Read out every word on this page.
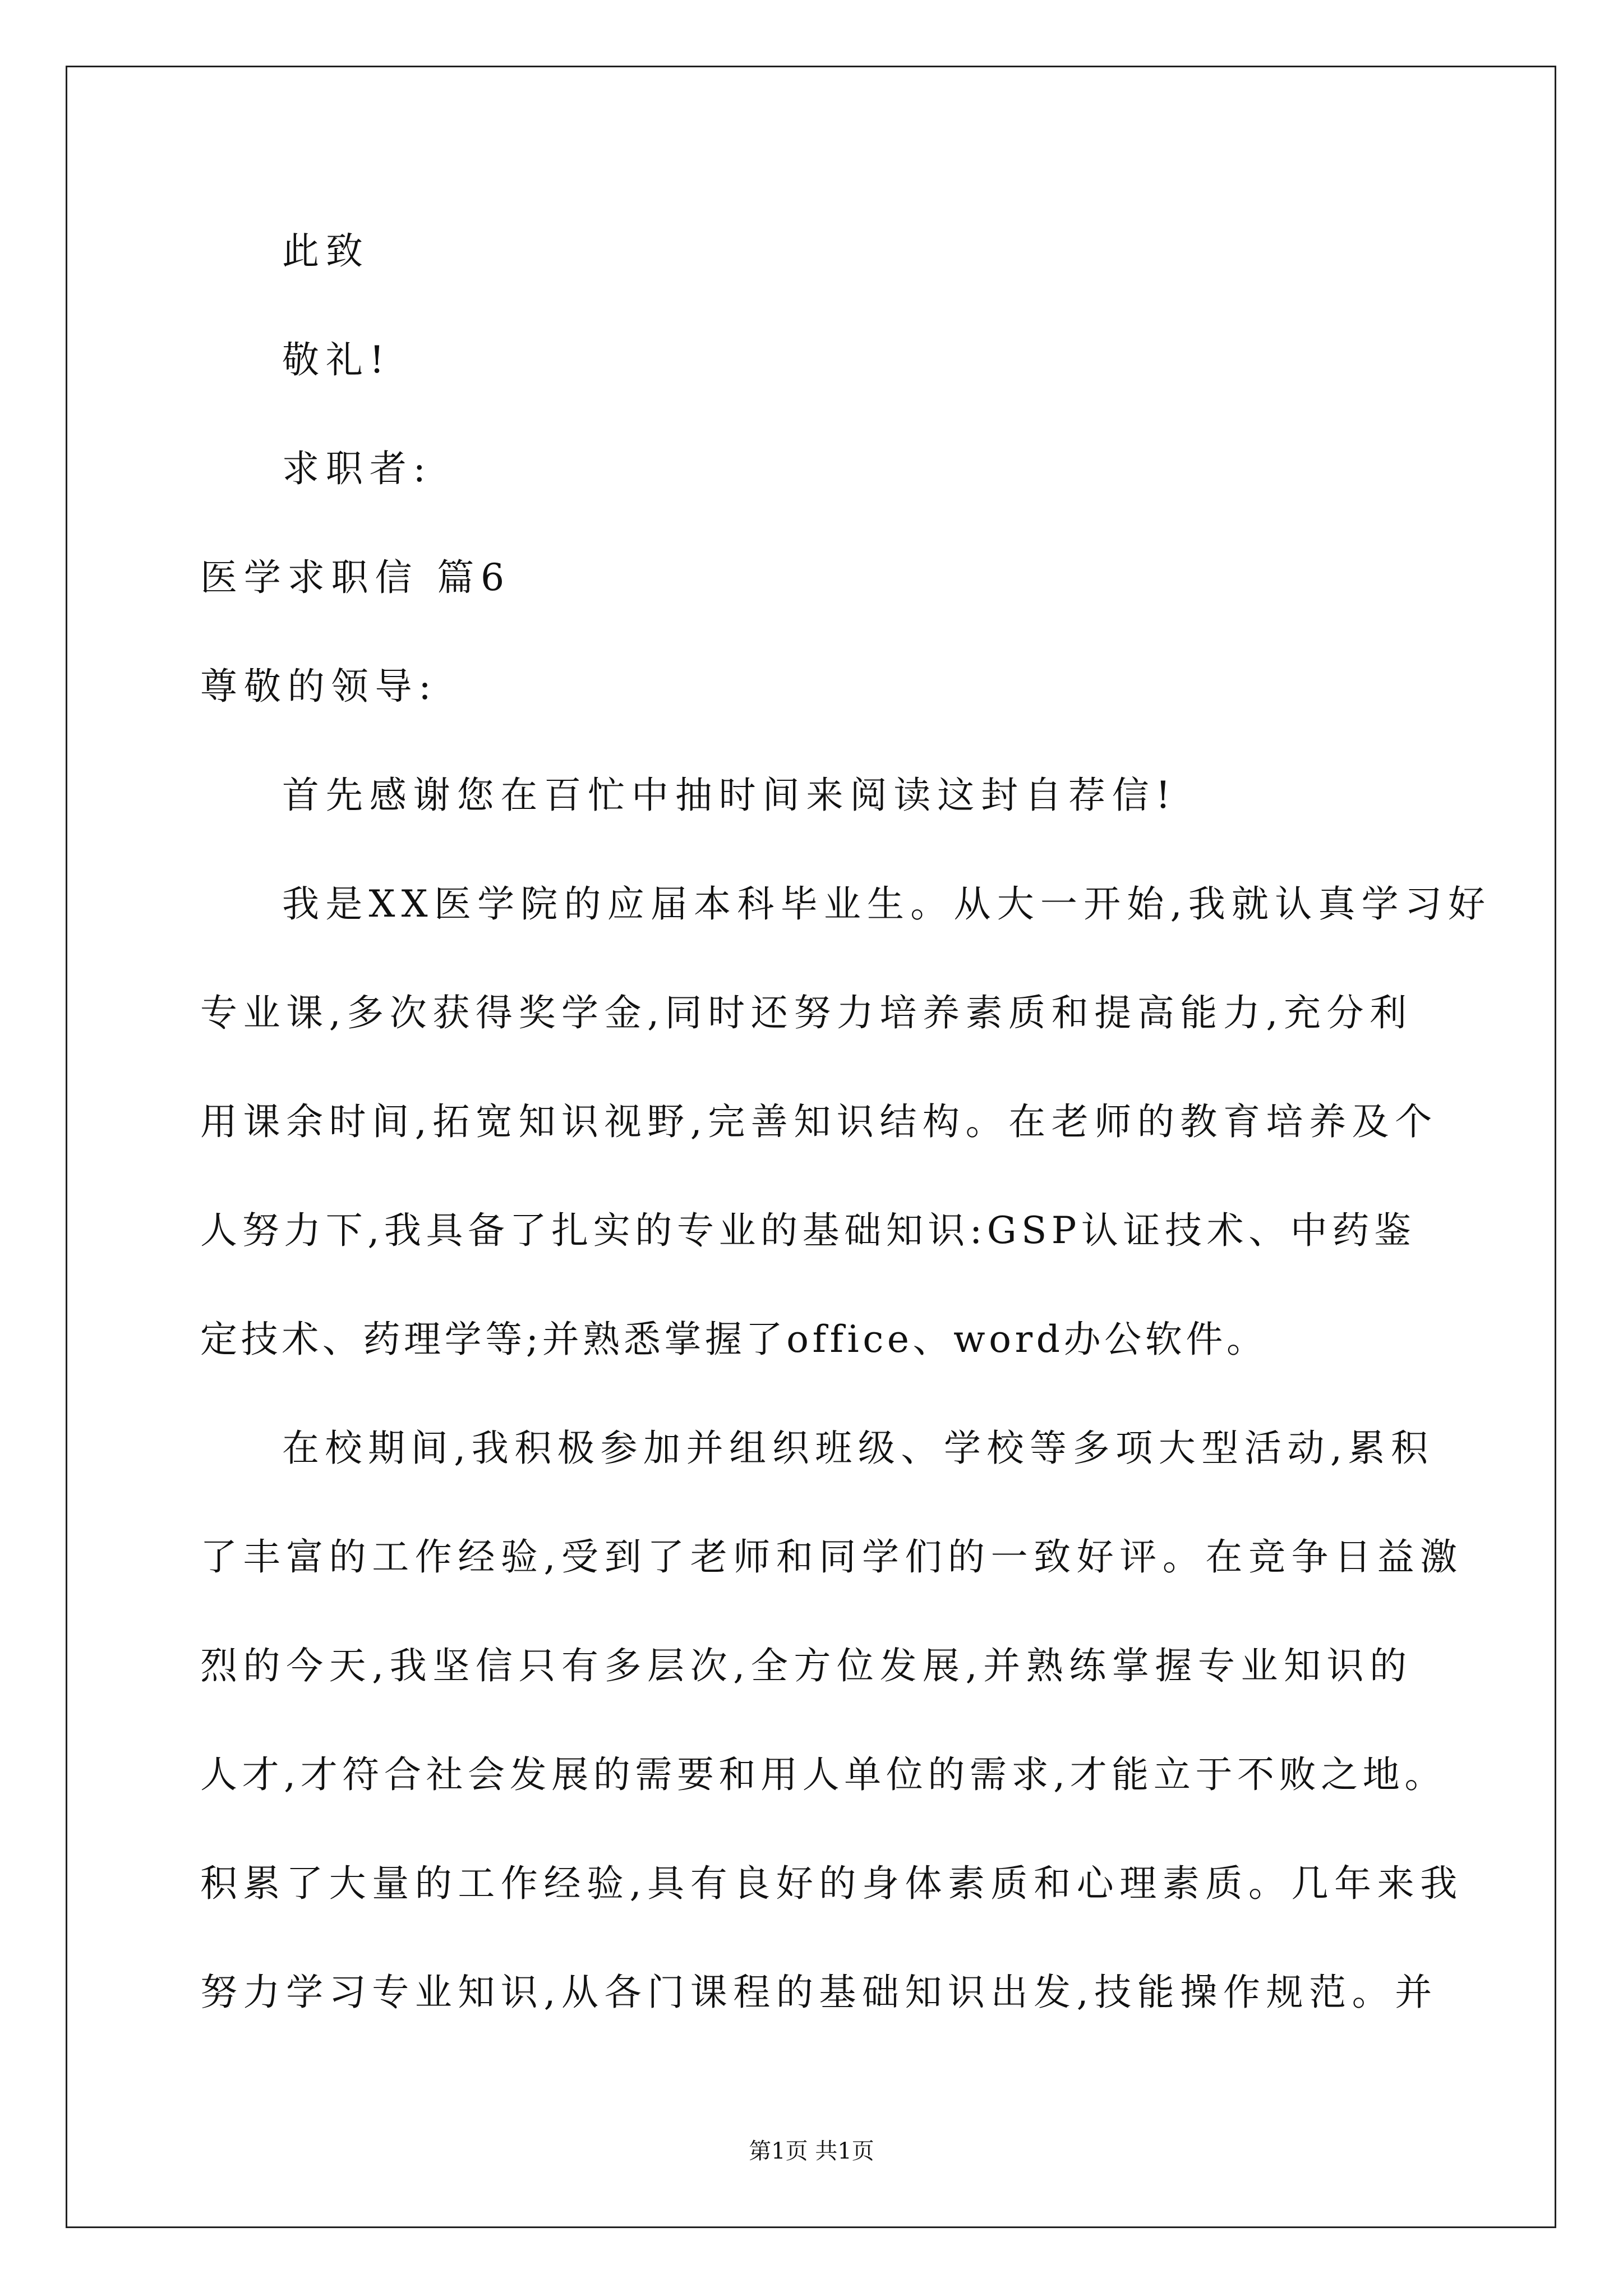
此致
敬礼!
求职者:
医学求职信 篇6
尊敬的领导:
首先感谢您在百忙中抽时间来阅读这封自荐信!
我是XX医学院的应届本科毕业生。从大一开始,我就认真学习好
专业课,多次获得奖学金,同时还努力培养素质和提高能力,充分利
用课余时间,拓宽知识视野,完善知识结构。在老师的教育培养及个
人努力下,我具备了扎实的专业的基础知识:GSP认证技术、中药鉴
定技术、药理学等;并熟悉掌握了office、word办公软件。
在校期间,我积极参加并组织班级、学校等多项大型活动,累积
了丰富的工作经验,受到了老师和同学们的一致好评。在竞争日益激
烈的今天,我坚信只有多层次,全方位发展,并熟练掌握专业知识的
人才,才符合社会发展的需要和用人单位的需求,才能立于不败之地。
积累了大量的工作经验,具有良好的身体素质和心理素质。几年来我
努力学习专业知识,从各门课程的基础知识出发,技能操作规范。并
第1页 共1页
